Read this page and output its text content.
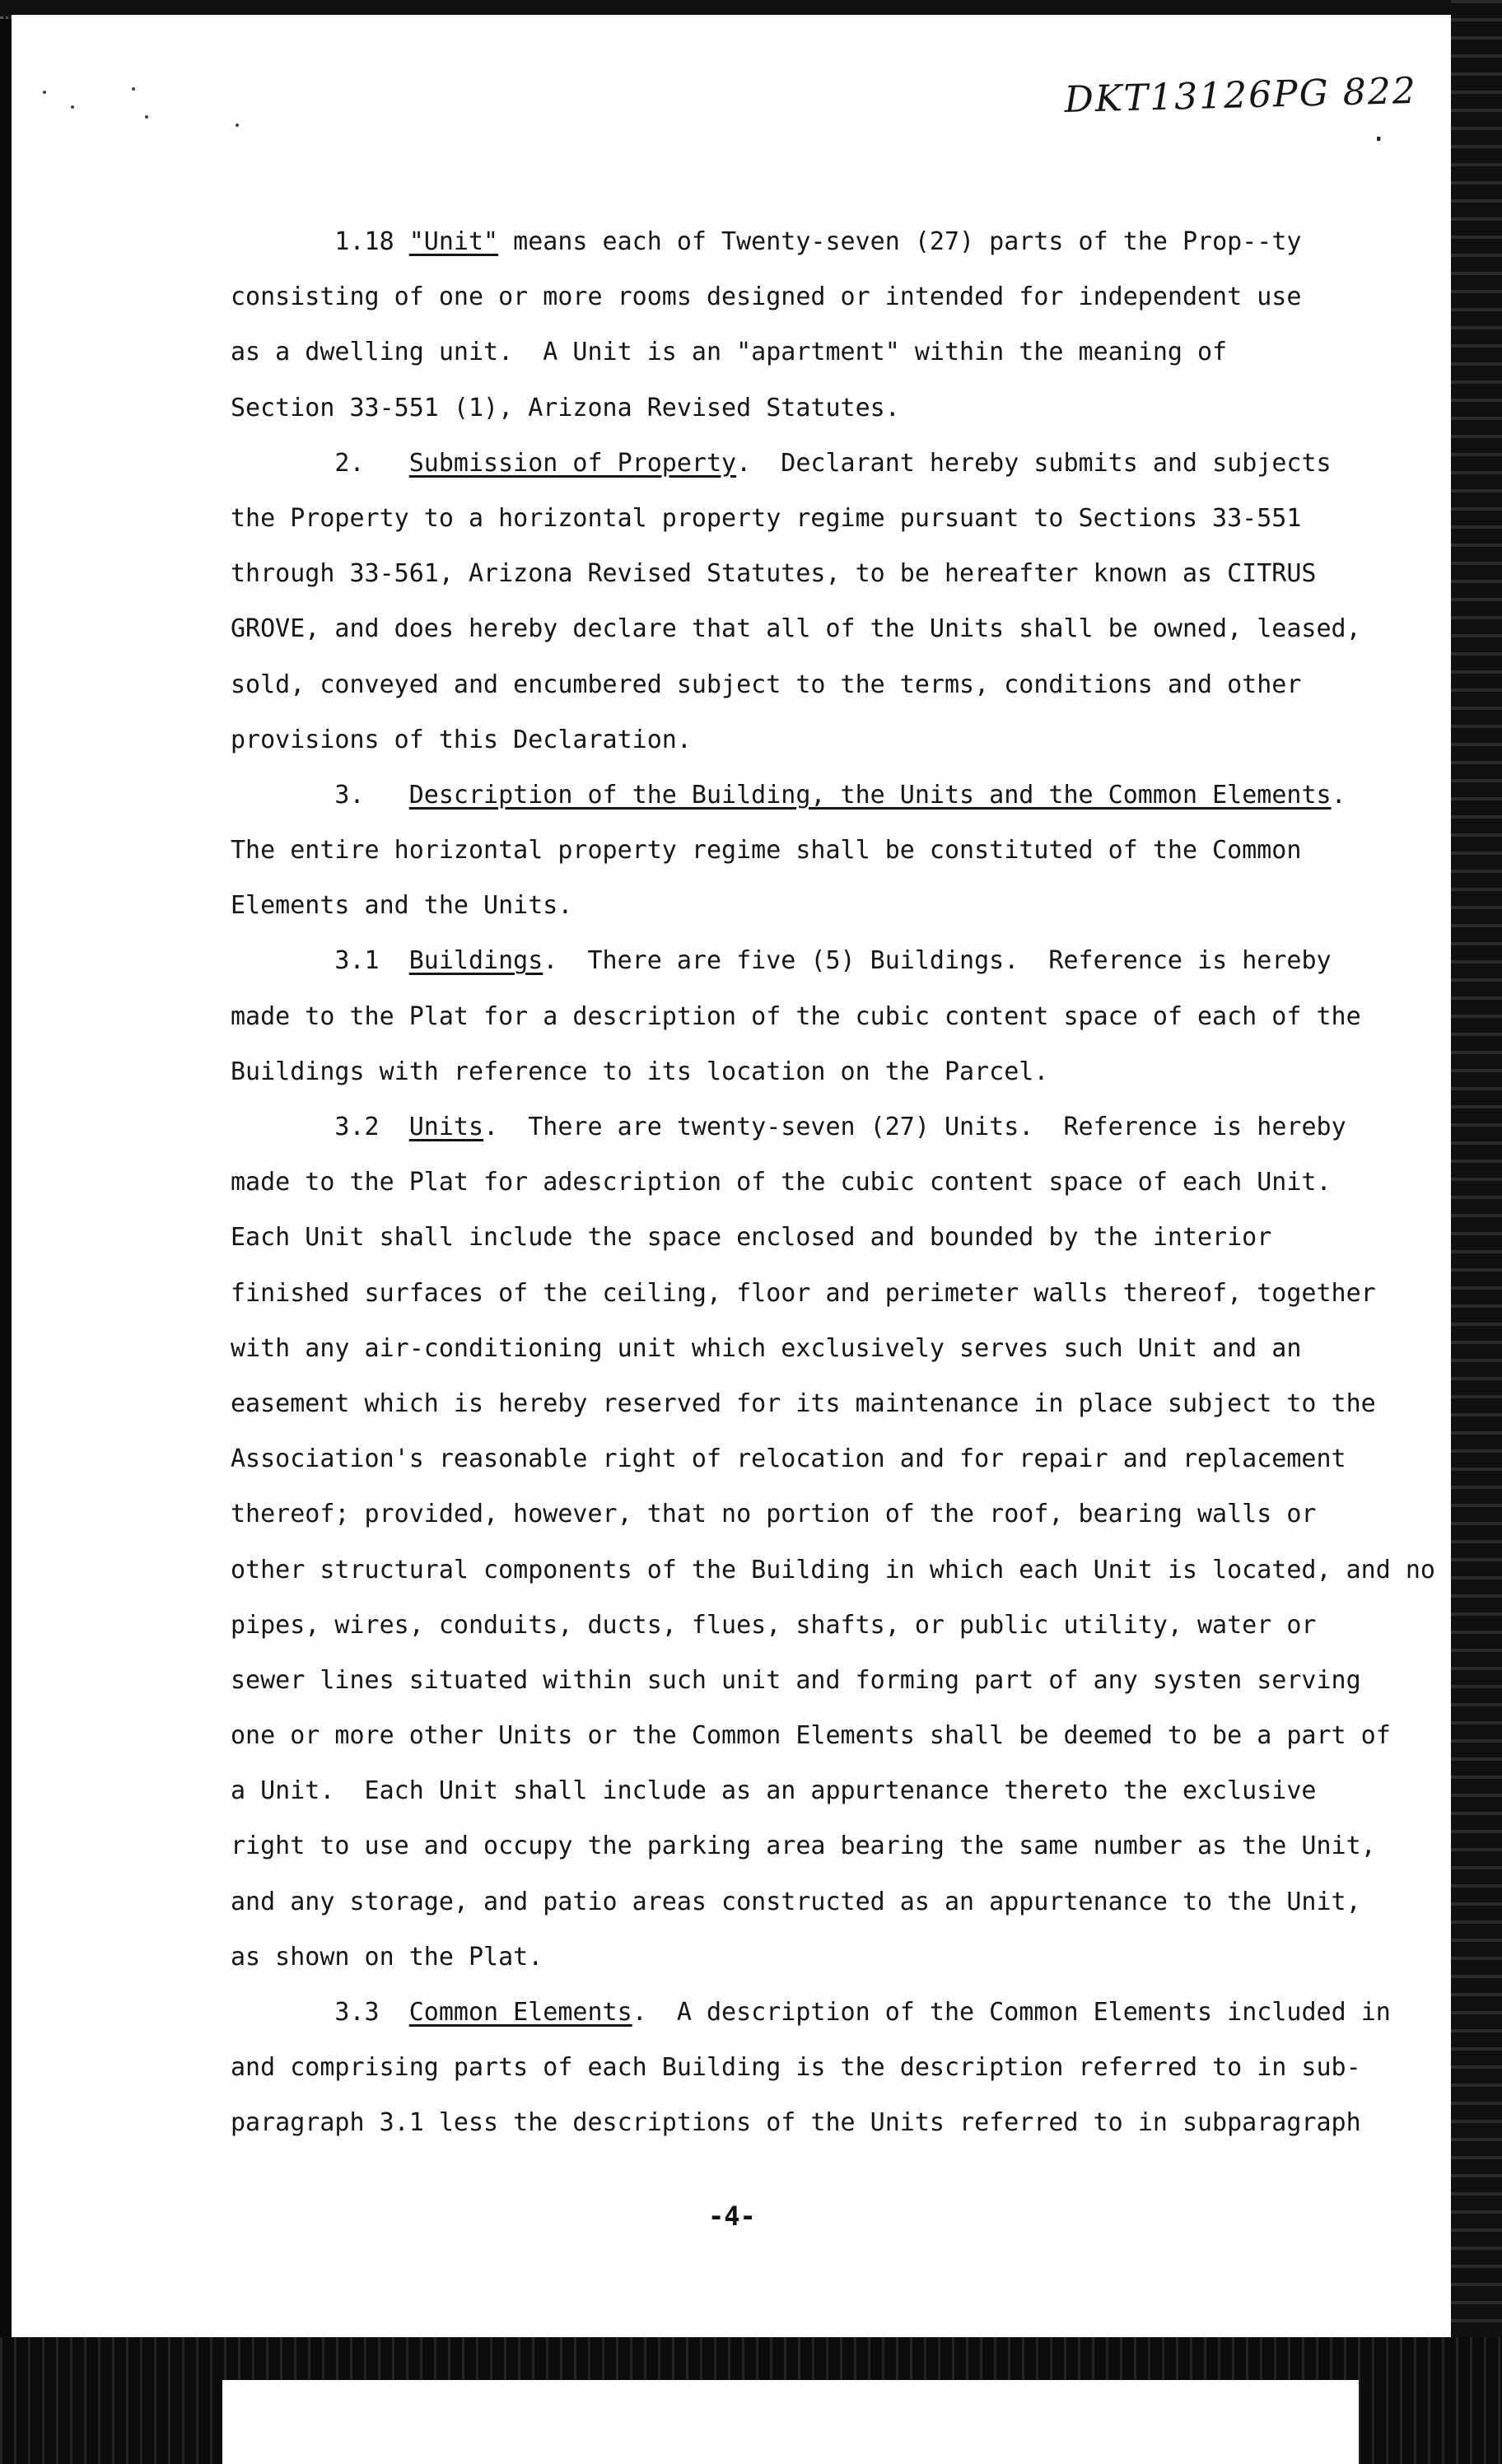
DKT13126PG 822
.
1.18 "Unit" means each of Twenty-seven (27) parts of the Prop--ty
consisting of one or more rooms designed or intended for independent use
as a dwelling unit.  A Unit is an "apartment" within the meaning of
Section 33-551 (1), Arizona Revised Statutes.
2.   Submission of Property.  Declarant hereby submits and subjects
the Property to a horizontal property regime pursuant to Sections 33-551
through 33-561, Arizona Revised Statutes, to be hereafter known as CITRUS
GROVE, and does hereby declare that all of the Units shall be owned, leased,
sold, conveyed and encumbered subject to the terms, conditions and other
provisions of this Declaration.
3.   Description of the Building, the Units and the Common Elements.
The entire horizontal property regime shall be constituted of the Common
Elements and the Units.
3.1  Buildings.  There are five (5) Buildings.  Reference is hereby
made to the Plat for a description of the cubic content space of each of the
Buildings with reference to its location on the Parcel.
3.2  Units.  There are twenty-seven (27) Units.  Reference is hereby
made to the Plat for adescription of the cubic content space of each Unit.
Each Unit shall include the space enclosed and bounded by the interior
finished surfaces of the ceiling, floor and perimeter walls thereof, together
with any air-conditioning unit which exclusively serves such Unit and an
easement which is hereby reserved for its maintenance in place subject to the
Association's reasonable right of relocation and for repair and replacement
thereof; provided, however, that no portion of the roof, bearing walls or
other structural components of the Building in which each Unit is located, and no
pipes, wires, conduits, ducts, flues, shafts, or public utility, water or
sewer lines situated within such unit and forming part of any systen serving
one or more other Units or the Common Elements shall be deemed to be a part of
a Unit.  Each Unit shall include as an appurtenance thereto the exclusive
right to use and occupy the parking area bearing the same number as the Unit,
and any storage, and patio areas constructed as an appurtenance to the Unit,
as shown on the Plat.
3.3  Common Elements.  A description of the Common Elements included in
and comprising parts of each Building is the description referred to in sub-
paragraph 3.1 less the descriptions of the Units referred to in subparagraph
-4-
